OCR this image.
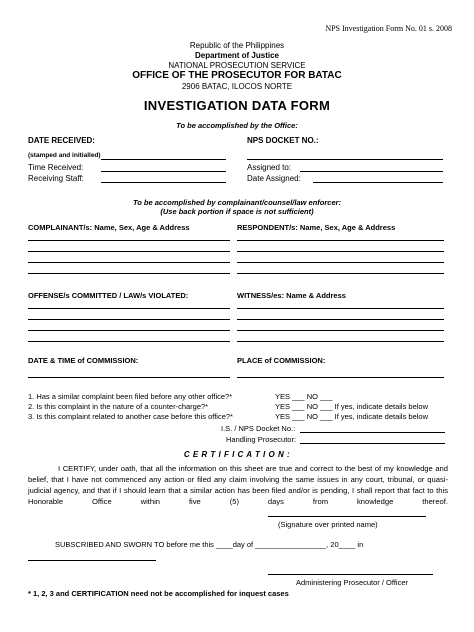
NPS Investigation Form No. 01 s. 2008
Republic of the Philippines
Department of Justice
NATIONAL PROSECUTION SERVICE
OFFICE OF THE PROSECUTOR FOR BATAC
2906 BATAC, ILOCOS NORTE
INVESTIGATION DATA FORM
To be accomplished by the Office:
DATE RECEIVED:
(stamped and initialled)
Time Received:
Receiving Staff:
NPS DOCKET NO.:
Assigned to:
Date Assigned:
To be accomplished by complainant/counsel/law enforcer:
(Use back portion if space is not sufficient)
COMPLAINANT/s: Name, Sex, Age & Address	RESPONDENT/s: Name, Sex, Age & Address
OFFENSE/s COMMITTED / LAW/s VIOLATED:	WITNESS/es: Name & Address
DATE & TIME of COMMISSION:	PLACE of COMMISSION:
1. Has a similar complaint been filed before any other office?*	YES ___ NO ___
2. Is this complaint in the nature of a counter-charge?*	YES ___ NO ___ If yes, indicate details below
3. Is this complaint related to another case before this office?*	YES ___ NO ___ If yes, indicate details below
I.S. / NPS Docket No.:
Handling Prosecutor:
C E R T I F I C A T I O N :
I CERTIFY, under oath, that all the information on this sheet are true and correct to the best of my knowledge and belief, that I have not commenced any action or filed any claim involving the same issues in any court, tribunal, or quasi-judicial agency, and that if I should learn that a similar action has been filed and/or is pending, I shall report that fact to this Honorable Office within five (5) days from knowledge thereof.
(Signature over printed name)
SUBSCRIBED AND SWORN TO before me this ____day of _________________, 20____ in
Administering Prosecutor / Officer
* 1, 2, 3 and CERTIFICATION need not be accomplished for inquest cases
